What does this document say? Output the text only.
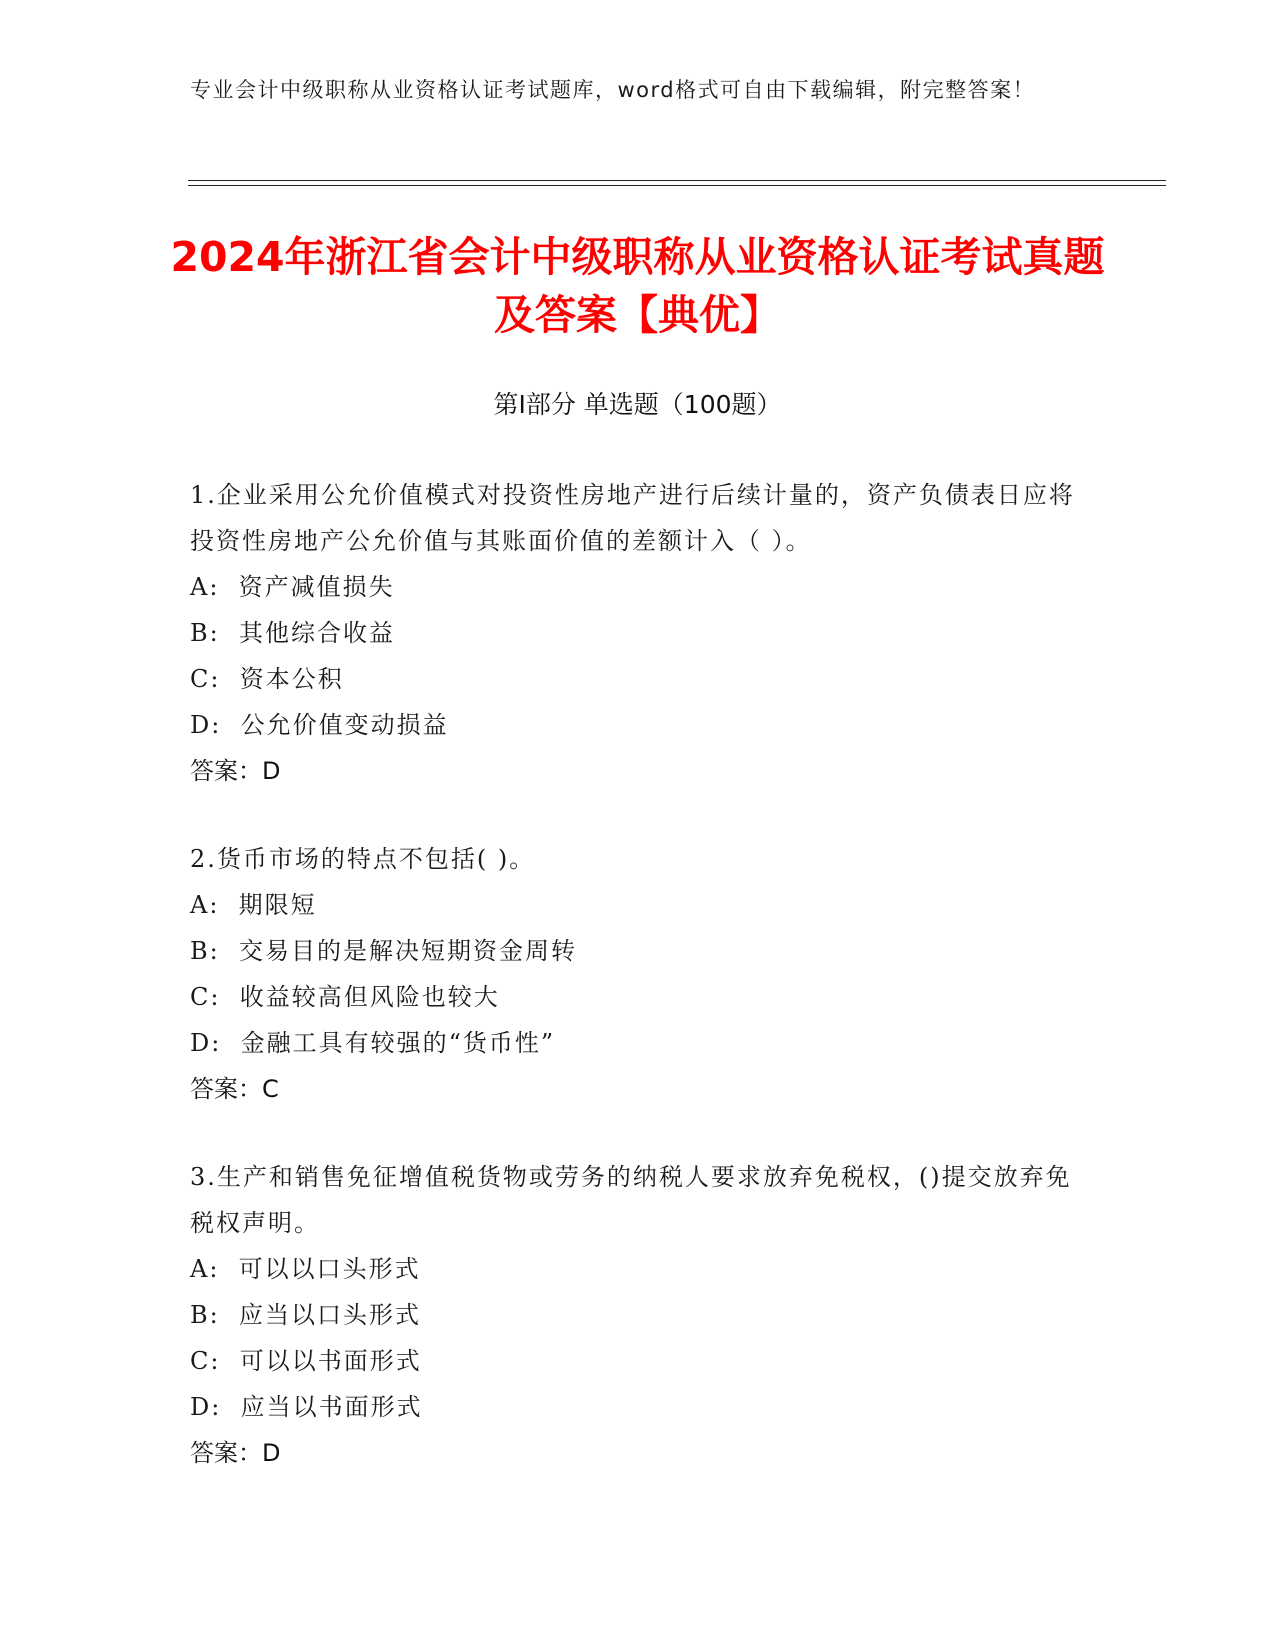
专业会计中级职称从业资格认证考试题库，word格式可自由下载编辑，附完整答案！
2024年浙江省会计中级职称从业资格认证考试真题及答案【典优】
第I部分 单选题（100题）

1.企业采用公允价值模式对投资性房地产进行后续计量的，资产负债表日应将投资性房地产公允价值与其账面价值的差额计入（ ）。

A:  资产减值损失

B:  其他综合收益

C:  资本公积

D:  公允价值变动损益

答案：D

2.货币市场的特点不包括( )。

A:  期限短

B:  交易目的是解决短期资金周转

C:  收益较高但风险也较大

D:  金融工具有较强的“货币性”

答案：C

3.生产和销售免征增值税货物或劳务的纳税人要求放弃免税权，()提交放弃免税权声明。

A:  可以以口头形式

B:  应当以口头形式

C:  可以以书面形式

D:  应当以书面形式

答案：D
